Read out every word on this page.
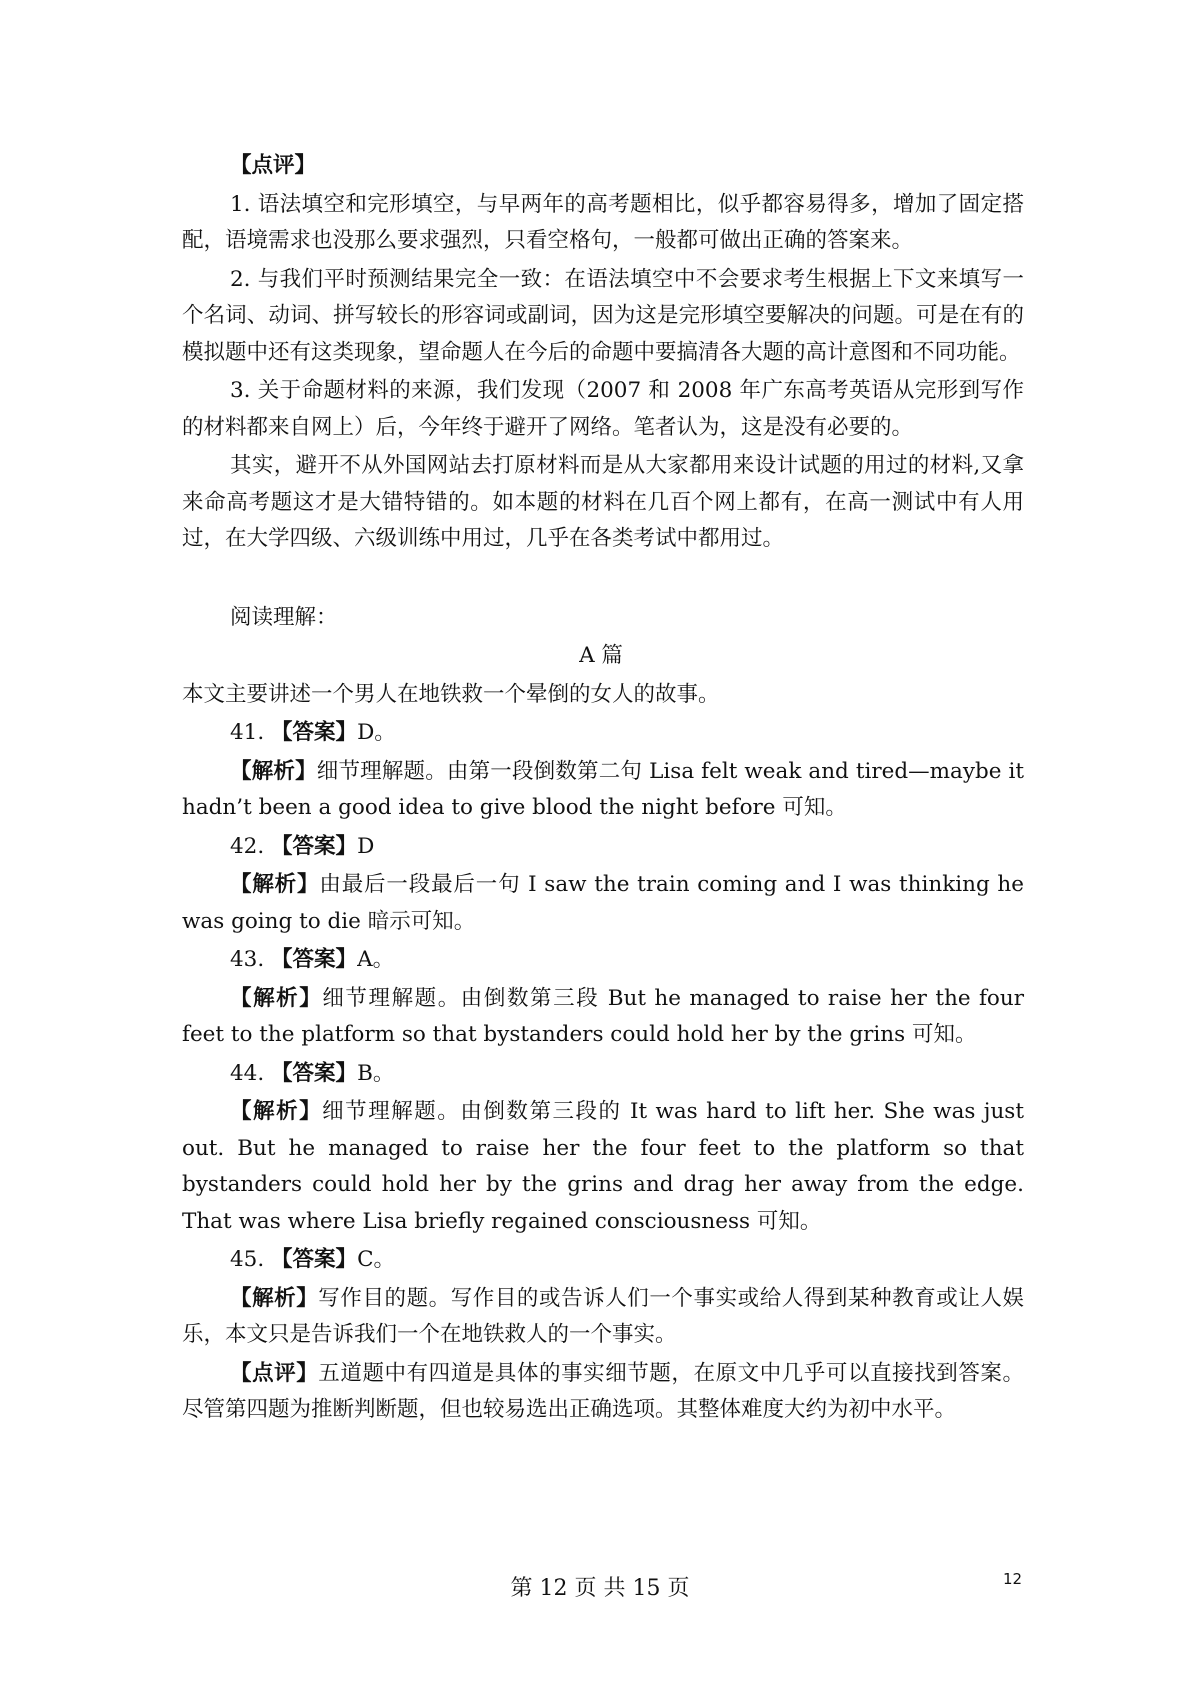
【点评】

1. 语法填空和完形填空，与早两年的高考题相比，似乎都容易得多，增加了固定搭配，语境需求也没那么要求强烈，只看空格句，一般都可做出正确的答案来。

2. 与我们平时预测结果完全一致：在语法填空中不会要求考生根据上下文来填写一个名词、动词、拼写较长的形容词或副词，因为这是完形填空要解决的问题。可是在有的模拟题中还有这类现象，望命题人在今后的命题中要搞清各大题的高计意图和不同功能。

3. 关于命题材料的来源，我们发现（2007 和 2008 年广东高考英语从完形到写作的材料都来自网上）后，今年终于避开了网络。笔者认为，这是没有必要的。

其实，避开不从外国网站去打原材料而是从大家都用来设计试题的用过的材料,又拿来命高考题这才是大错特错的。如本题的材料在几百个网上都有，在高一测试中有人用过，在大学四级、六级训练中用过，几乎在各类考试中都用过。

阅读理解：

A 篇

本文主要讲述一个男人在地铁救一个晕倒的女人的故事。

41. 【答案】D。

【解析】细节理解题。由第一段倒数第二句 Lisa felt weak and tired—maybe it hadn’t been a good idea to give blood the night before 可知。

42. 【答案】D

【解析】由最后一段最后一句 I saw the train coming and I was thinking he was going to die 暗示可知。

43. 【答案】A。

【解析】细节理解题。由倒数第三段 But he managed to raise her the four feet to the platform so that bystanders could hold her by the grins 可知。

44. 【答案】B。

【解析】细节理解题。由倒数第三段的 It was hard to lift her. She was just out. But he managed to raise her the four feet to the platform so that bystanders could hold her by the grins and drag her away from the edge. That was where Lisa briefly regained consciousness 可知。

45. 【答案】C。

【解析】写作目的题。写作目的或告诉人们一个事实或给人得到某种教育或让人娱乐，本文只是告诉我们一个在地铁救人的一个事实。

【点评】五道题中有四道是具体的事实细节题，在原文中几乎可以直接找到答案。尽管第四题为推断判断题，但也较易选出正确选项。其整体难度大约为初中水平。

第 12 页 共 15 页	12
